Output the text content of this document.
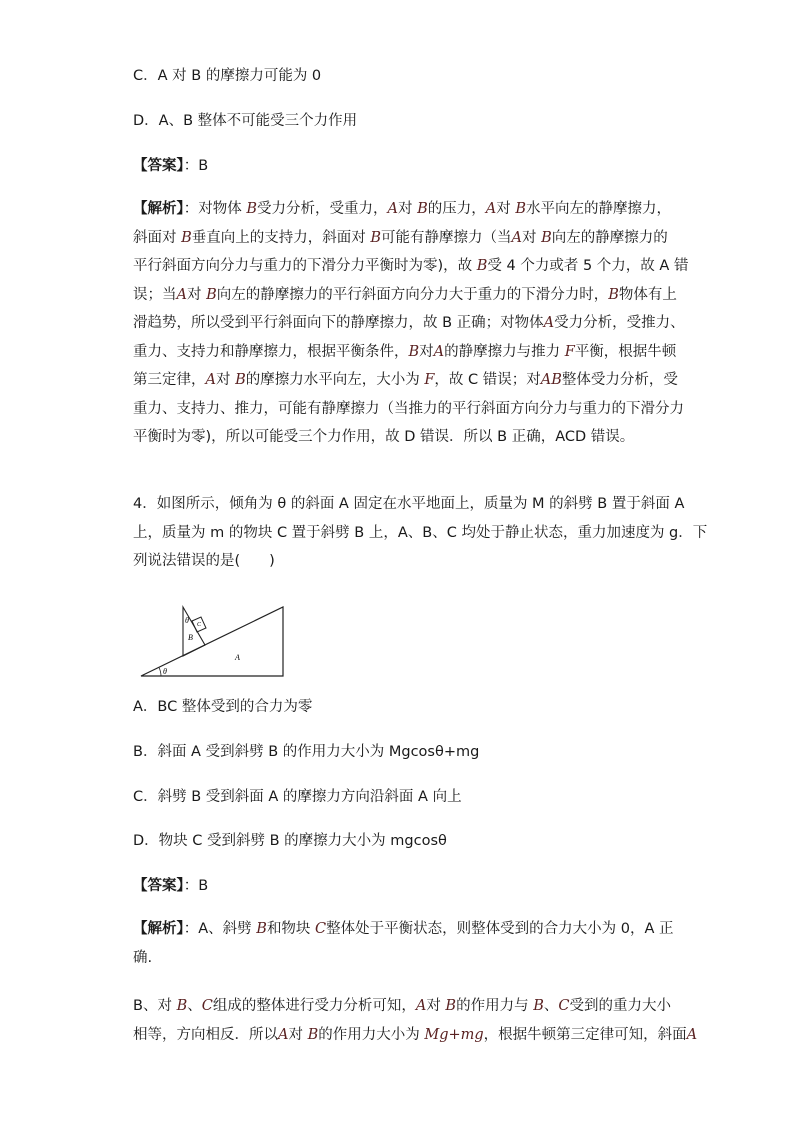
C．A 对 B 的摩擦力可能为 0
D．A、B 整体不可能受三个力作用
【答案】：B
【解析】：对物体 B受力分析，受重力，A对 B的压力，A对 B水平向左的静摩擦力，
斜面对 B垂直向上的支持力，斜面对 B可能有静摩擦力（当A对 B向左的静摩擦力的
平行斜面方向分力与重力的下滑分力平衡时为零)，故 B受 4 个力或者 5 个力，故 A 错
误；当A对 B向左的静摩擦力的平行斜面方向分力大于重力的下滑分力时，B物体有上
滑趋势，所以受到平行斜面向下的静摩擦力，故 B 正确；对物体A受力分析，受推力、
重力、支持力和静摩擦力，根据平衡条件，B对A的静摩擦力与推力 F平衡，根据牛顿
第三定律，A对 B的摩擦力水平向左，大小为 F，故 C 错误；对AB整体受力分析，受
重力、支持力、推力，可能有静摩擦力（当推力的平行斜面方向分力与重力的下滑分力
平衡时为零)，所以可能受三个力作用，故 D 错误．所以 B 正确，ACD 错误。
4．如图所示，倾角为 θ 的斜面 A 固定在水平地面上，质量为 M 的斜劈 B 置于斜面 A
上，质量为 m 的物块 C 置于斜劈 B 上，A、B、C 均处于静止状态，重力加速度为 g．下
列说法错误的是(　　)
θ
θ
B
C
A
A．BC 整体受到的合力为零
B．斜面 A 受到斜劈 B 的作用力大小为 Mgcosθ+mg
C．斜劈 B 受到斜面 A 的摩擦力方向沿斜面 A 向上
D．物块 C 受到斜劈 B 的摩擦力大小为 mgcosθ
【答案】：B
【解析】：A、斜劈 B和物块 C整体处于平衡状态，则整体受到的合力大小为 0，A 正
确.
B、对 B、C组成的整体进行受力分析可知，A对 B的作用力与 B、C受到的重力大小
相等，方向相反．所以A对 B的作用力大小为 Mg+mg，根据牛顿第三定律可知，斜面A
